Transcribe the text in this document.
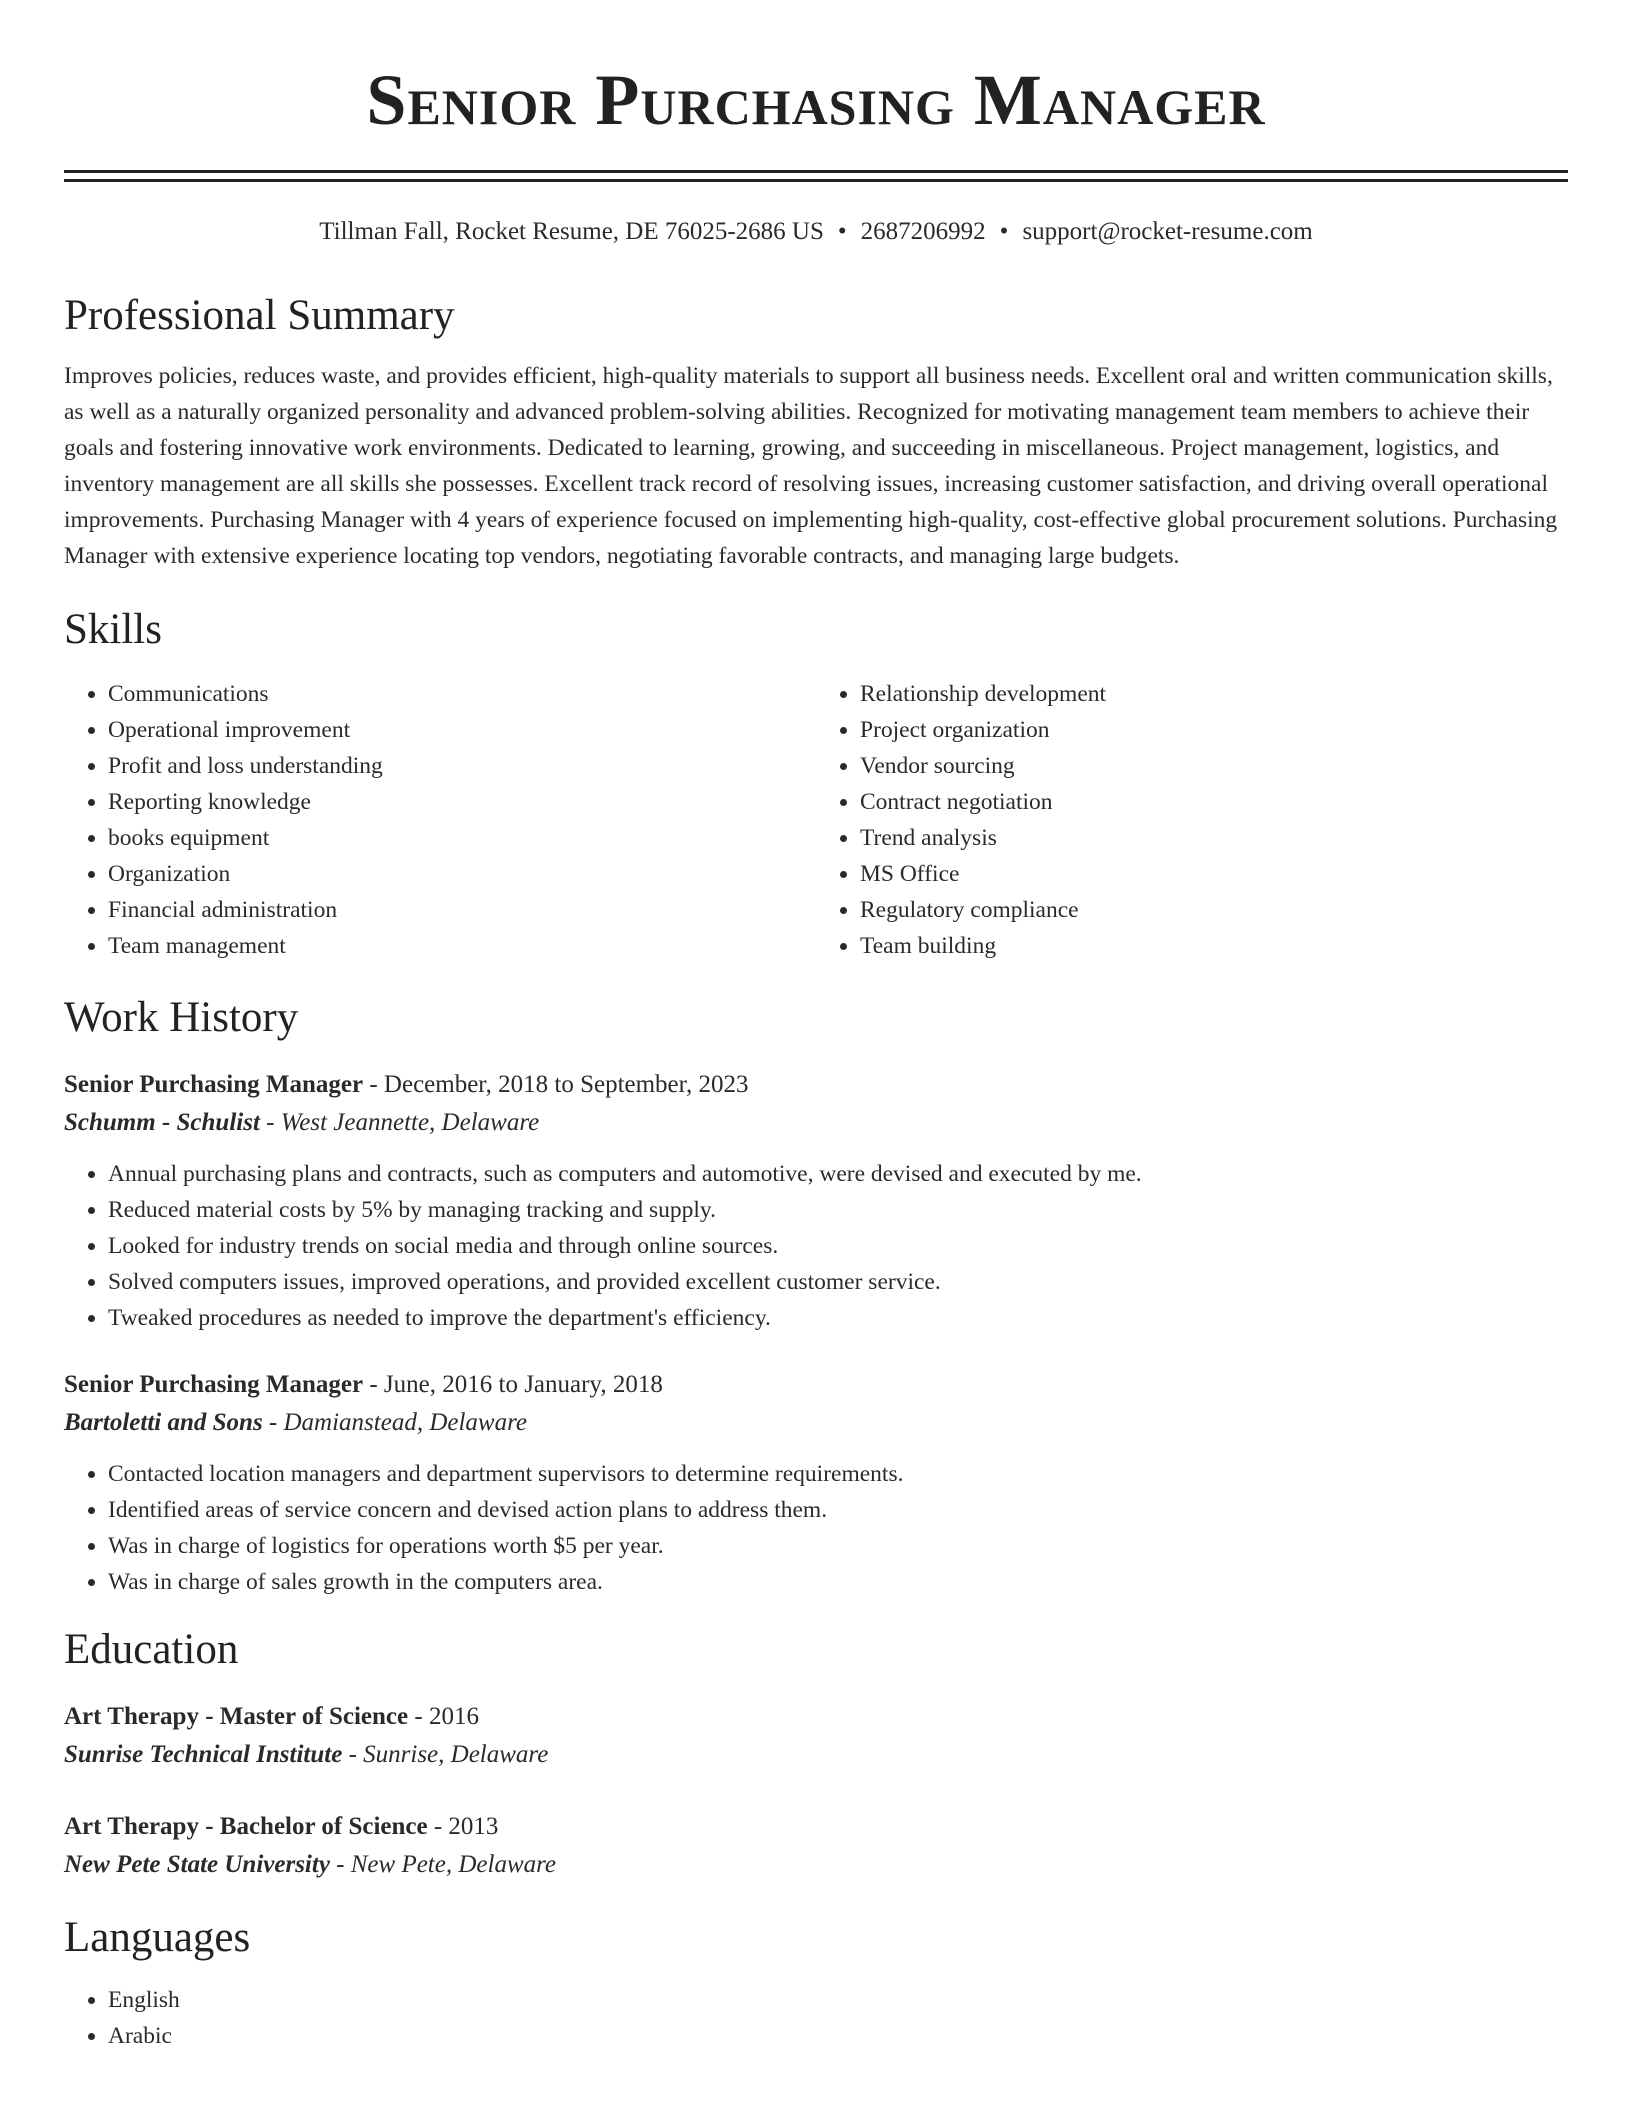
Senior Purchasing Manager
Tillman Fall, Rocket Resume, DE 76025-2686 US • 2687206992 • support@rocket-resume.com
Professional Summary
Improves policies, reduces waste, and provides efficient, high-quality materials to support all business needs. Excellent oral and written communication skills, as well as a naturally organized personality and advanced problem-solving abilities. Recognized for motivating management team members to achieve their goals and fostering innovative work environments. Dedicated to learning, growing, and succeeding in miscellaneous. Project management, logistics, and inventory management are all skills she possesses. Excellent track record of resolving issues, increasing customer satisfaction, and driving overall operational improvements. Purchasing Manager with 4 years of experience focused on implementing high-quality, cost-effective global procurement solutions. Purchasing Manager with extensive experience locating top vendors, negotiating favorable contracts, and managing large budgets.
Skills
• Communications
• Operational improvement
• Profit and loss understanding
• Reporting knowledge
• books equipment
• Organization
• Financial administration
• Team management
• Relationship development
• Project organization
• Vendor sourcing
• Contract negotiation
• Trend analysis
• MS Office
• Regulatory compliance
• Team building
Work History
Senior Purchasing Manager - December, 2018 to September, 2023
Schumm - Schulist - West Jeannette, Delaware
• Annual purchasing plans and contracts, such as computers and automotive, were devised and executed by me.
• Reduced material costs by 5% by managing tracking and supply.
• Looked for industry trends on social media and through online sources.
• Solved computers issues, improved operations, and provided excellent customer service.
• Tweaked procedures as needed to improve the department's efficiency.
Senior Purchasing Manager - June, 2016 to January, 2018
Bartoletti and Sons - Damianstead, Delaware
• Contacted location managers and department supervisors to determine requirements.
• Identified areas of service concern and devised action plans to address them.
• Was in charge of logistics for operations worth $5 per year.
• Was in charge of sales growth in the computers area.
Education
Art Therapy - Master of Science - 2016
Sunrise Technical Institute - Sunrise, Delaware
Art Therapy - Bachelor of Science - 2013
New Pete State University - New Pete, Delaware
Languages
• English
• Arabic
